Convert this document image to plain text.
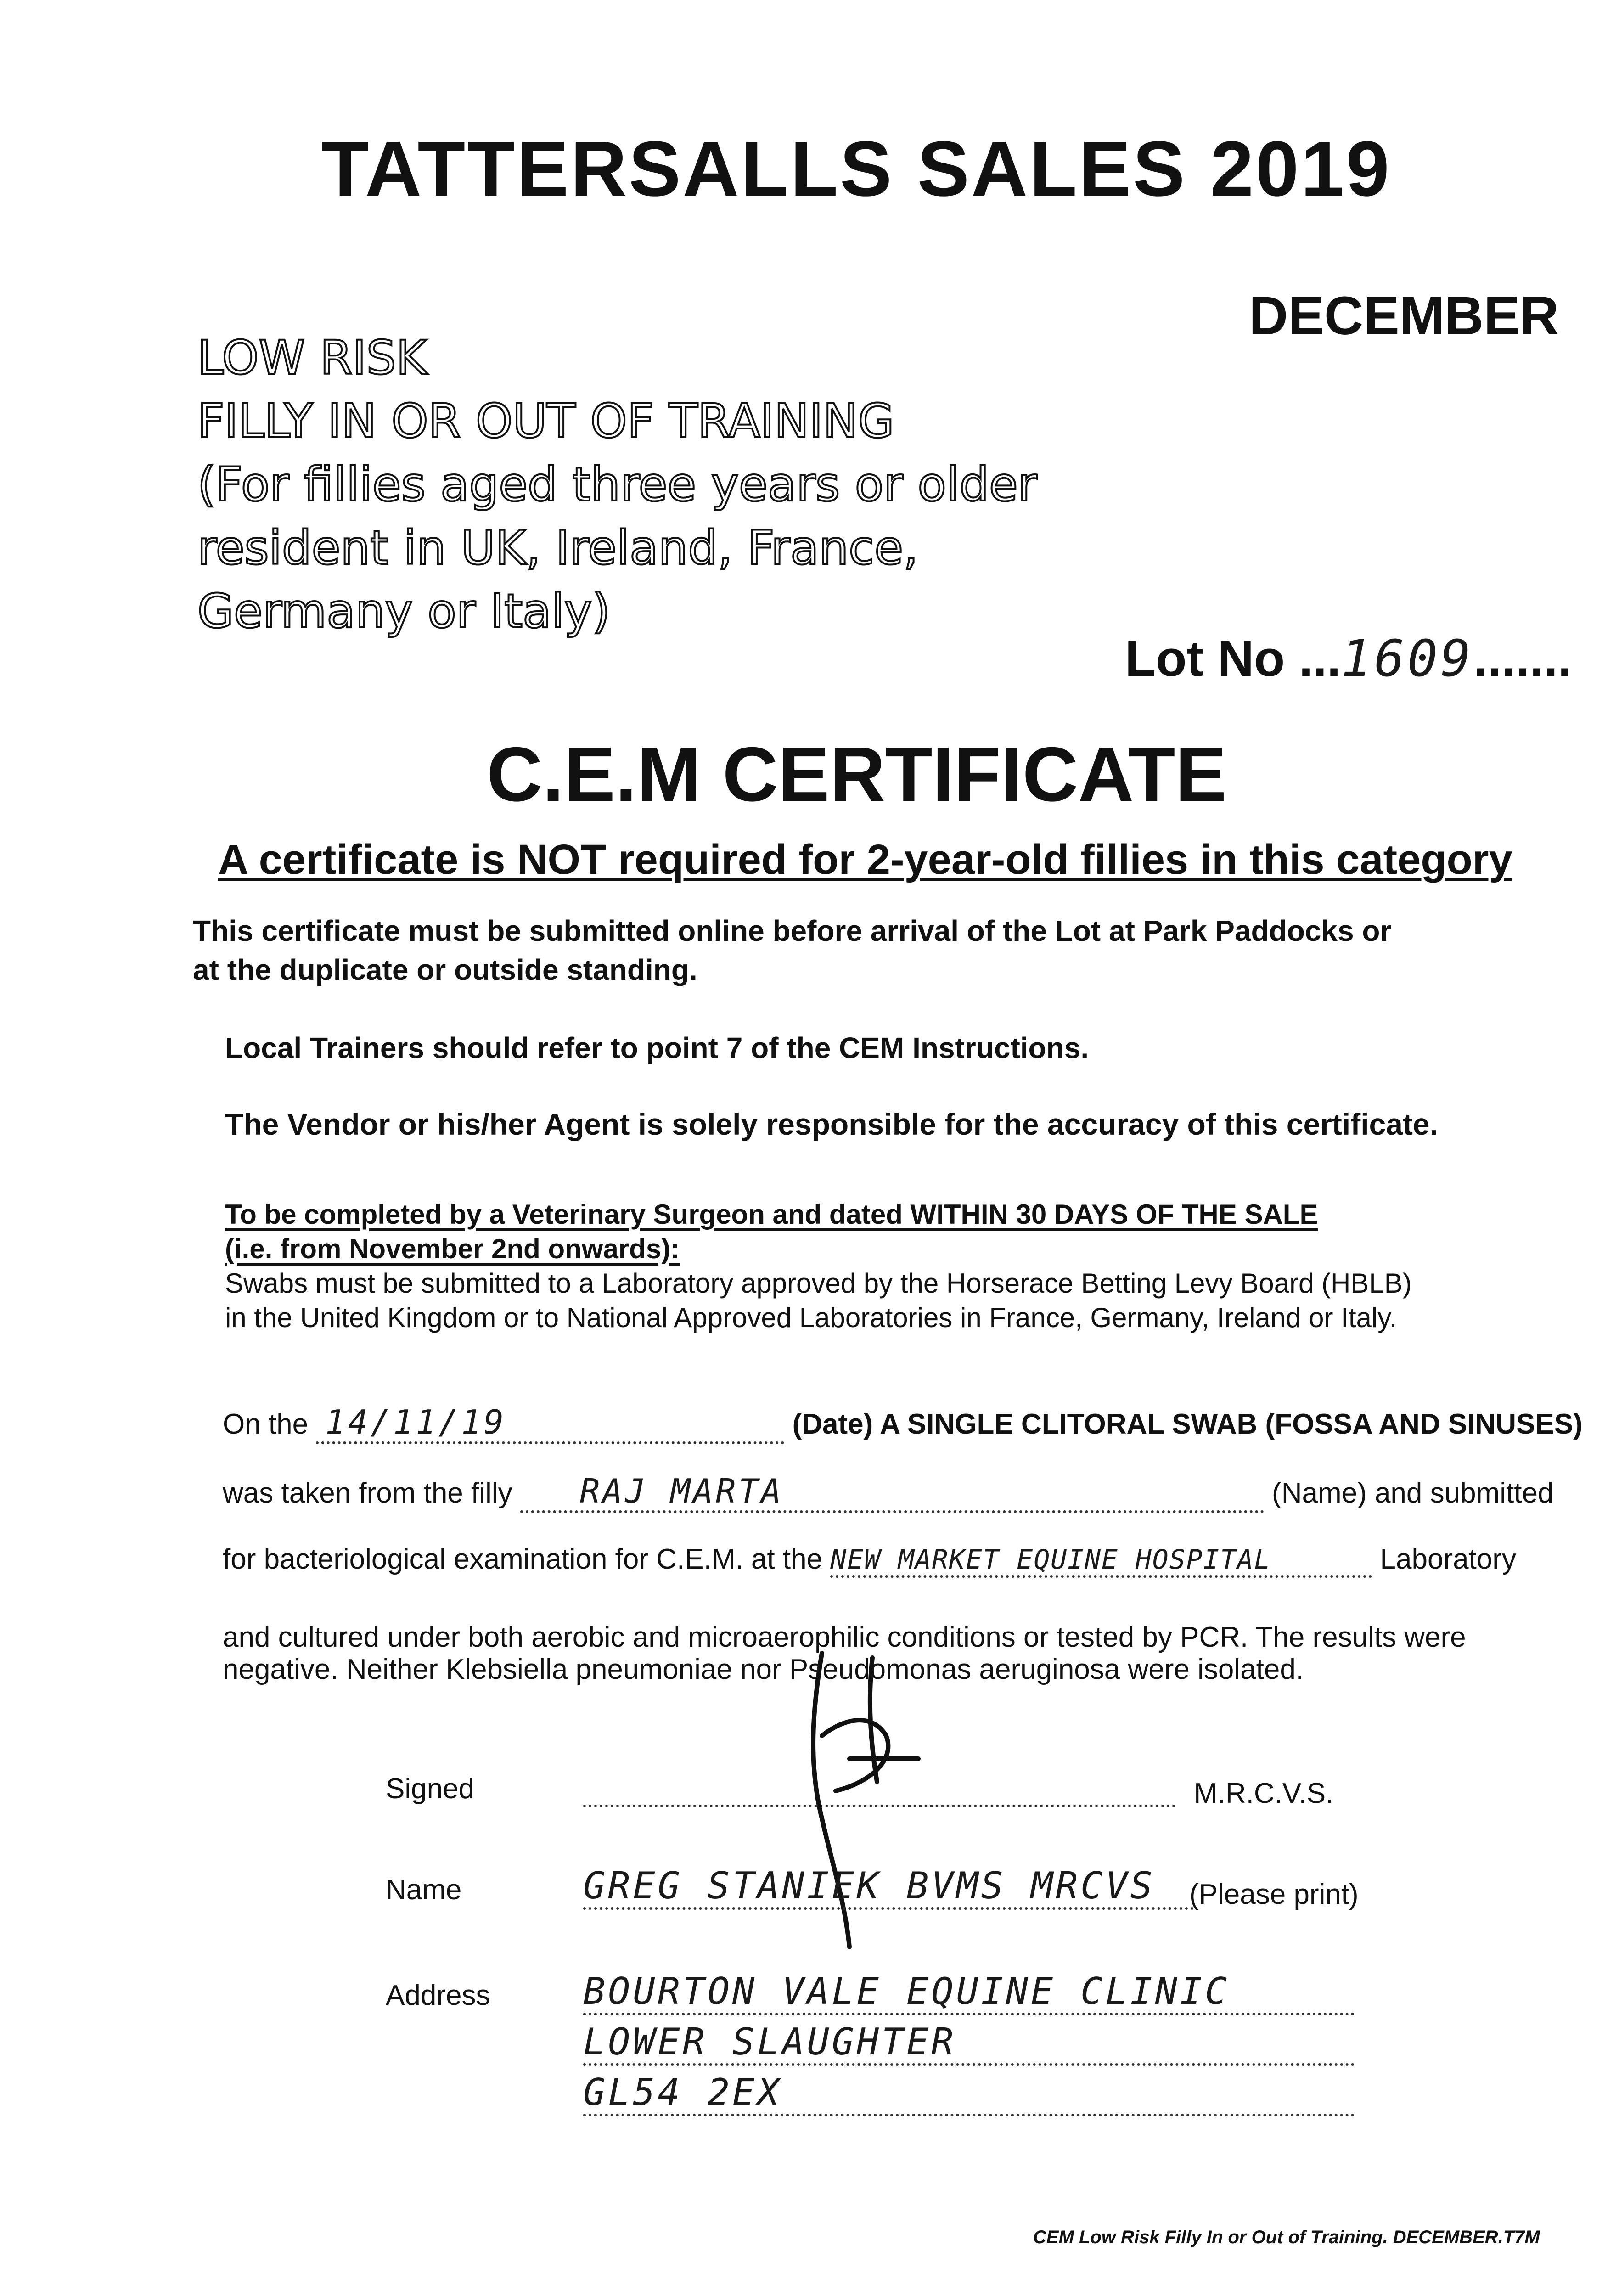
TATTERSALLS SALES 2019
DECEMBER
LOW RISK
FILLY IN OR OUT OF TRAINING
(For fillies aged three years or older
resident in UK, Ireland, France,
Germany or Italy)
Lot No ...1609.......
C.E.M CERTIFICATE
A certificate is NOT required for 2-year-old fillies in this category
This certificate must be submitted online before arrival of the Lot at Park Paddocks or
at the duplicate or outside standing.
Local Trainers should refer to point 7 of the CEM Instructions.
The Vendor or his/her Agent is solely responsible for the accuracy of this certificate.
To be completed by a Veterinary Surgeon and dated WITHIN 30 DAYS OF THE SALE
(i.e. from November 2nd onwards):
Swabs must be submitted to a Laboratory approved by the Horserace Betting Levy Board (HBLB)
in the United Kingdom or to National Approved Laboratories in France, Germany, Ireland or Italy.
On the 14/11/19	(Date) A SINGLE CLITORAL SWAB (FOSSA AND SINUSES)
was taken from the filly RAJ MARTA	(Name) and submitted
for bacteriological examination for C.E.M. at the NEW MARKET EQUINE HOSPITAL	Laboratory
and cultured under both aerobic and microaerophilic conditions or tested by PCR. The results were
negative. Neither Klebsiella pneumoniae nor Pseudomonas aeruginosa were isolated.
Signed	M.R.C.V.S.
Name	GREG STANIEK BVMS MRCVS	(Please print)
Address	BOURTON VALE EQUINE CLINIC
LOWER SLAUGHTER
GL54 2EX
CEM Low Risk Filly In or Out of Training. DECEMBER.T7M
